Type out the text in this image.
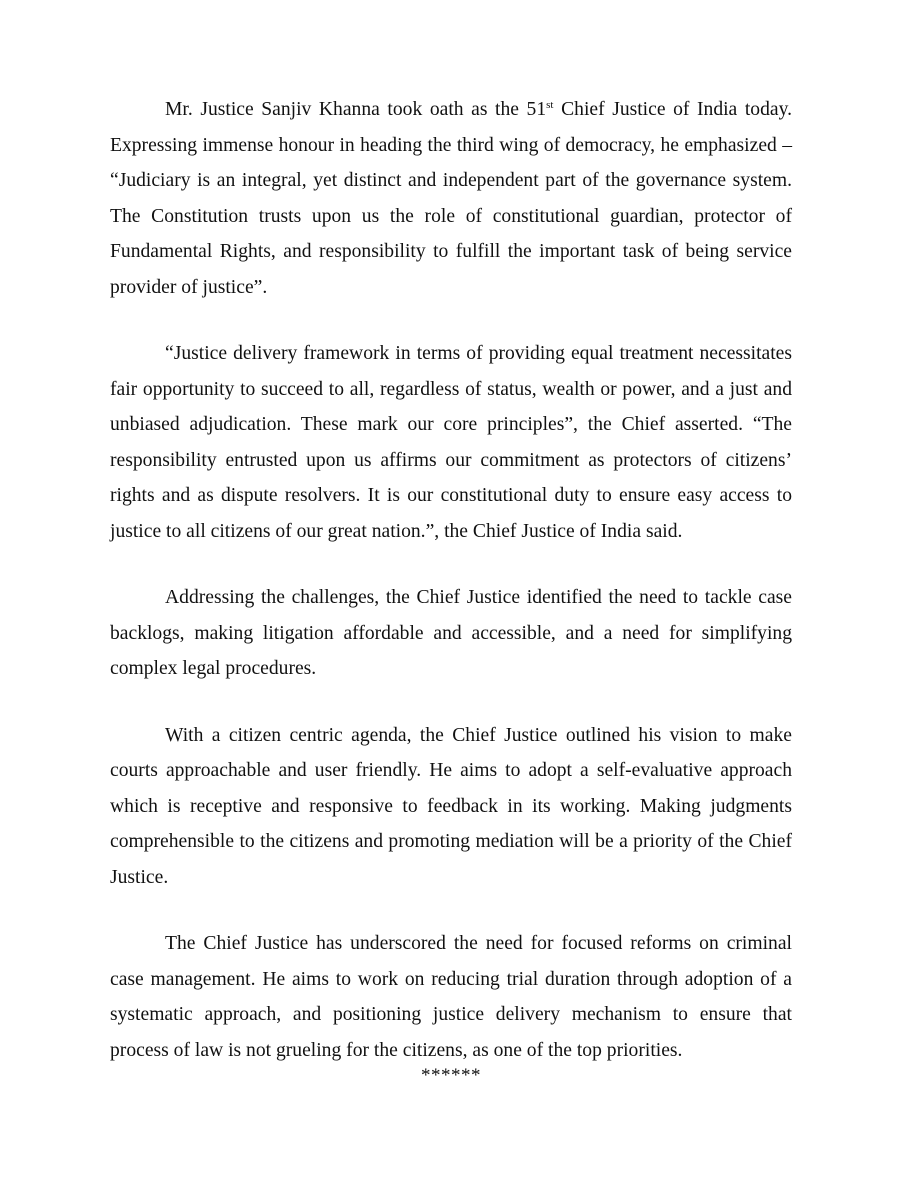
Mr. Justice Sanjiv Khanna took oath as the 51st Chief Justice of India today. Expressing immense honour in heading the third wing of democracy, he emphasized – “Judiciary is an integral, yet distinct and independent part of the governance system. The Constitution trusts upon us the role of constitutional guardian, protector of Fundamental Rights, and responsibility to fulfill the important task of being service provider of justice”.

“Justice delivery framework in terms of providing equal treatment necessitates fair opportunity to succeed to all, regardless of status, wealth or power, and a just and unbiased adjudication. These mark our core principles”, the Chief asserted. “The responsibility entrusted upon us affirms our commitment as protectors of citizens’ rights and as dispute resolvers. It is our constitutional duty to ensure easy access to justice to all citizens of our great nation.”, the Chief Justice of India said.

Addressing the challenges, the Chief Justice identified the need to tackle case backlogs, making litigation affordable and accessible, and a need for simplifying complex legal procedures.

With a citizen centric agenda, the Chief Justice outlined his vision to make courts approachable and user friendly. He aims to adopt a self-evaluative approach which is receptive and responsive to feedback in its working. Making judgments comprehensible to the citizens and promoting mediation will be a priority of the Chief Justice.

The Chief Justice has underscored the need for focused reforms on criminal case management. He aims to work on reducing trial duration through adoption of a systematic approach, and positioning justice delivery mechanism to ensure that process of law is not grueling for the citizens, as one of the top priorities.

******
